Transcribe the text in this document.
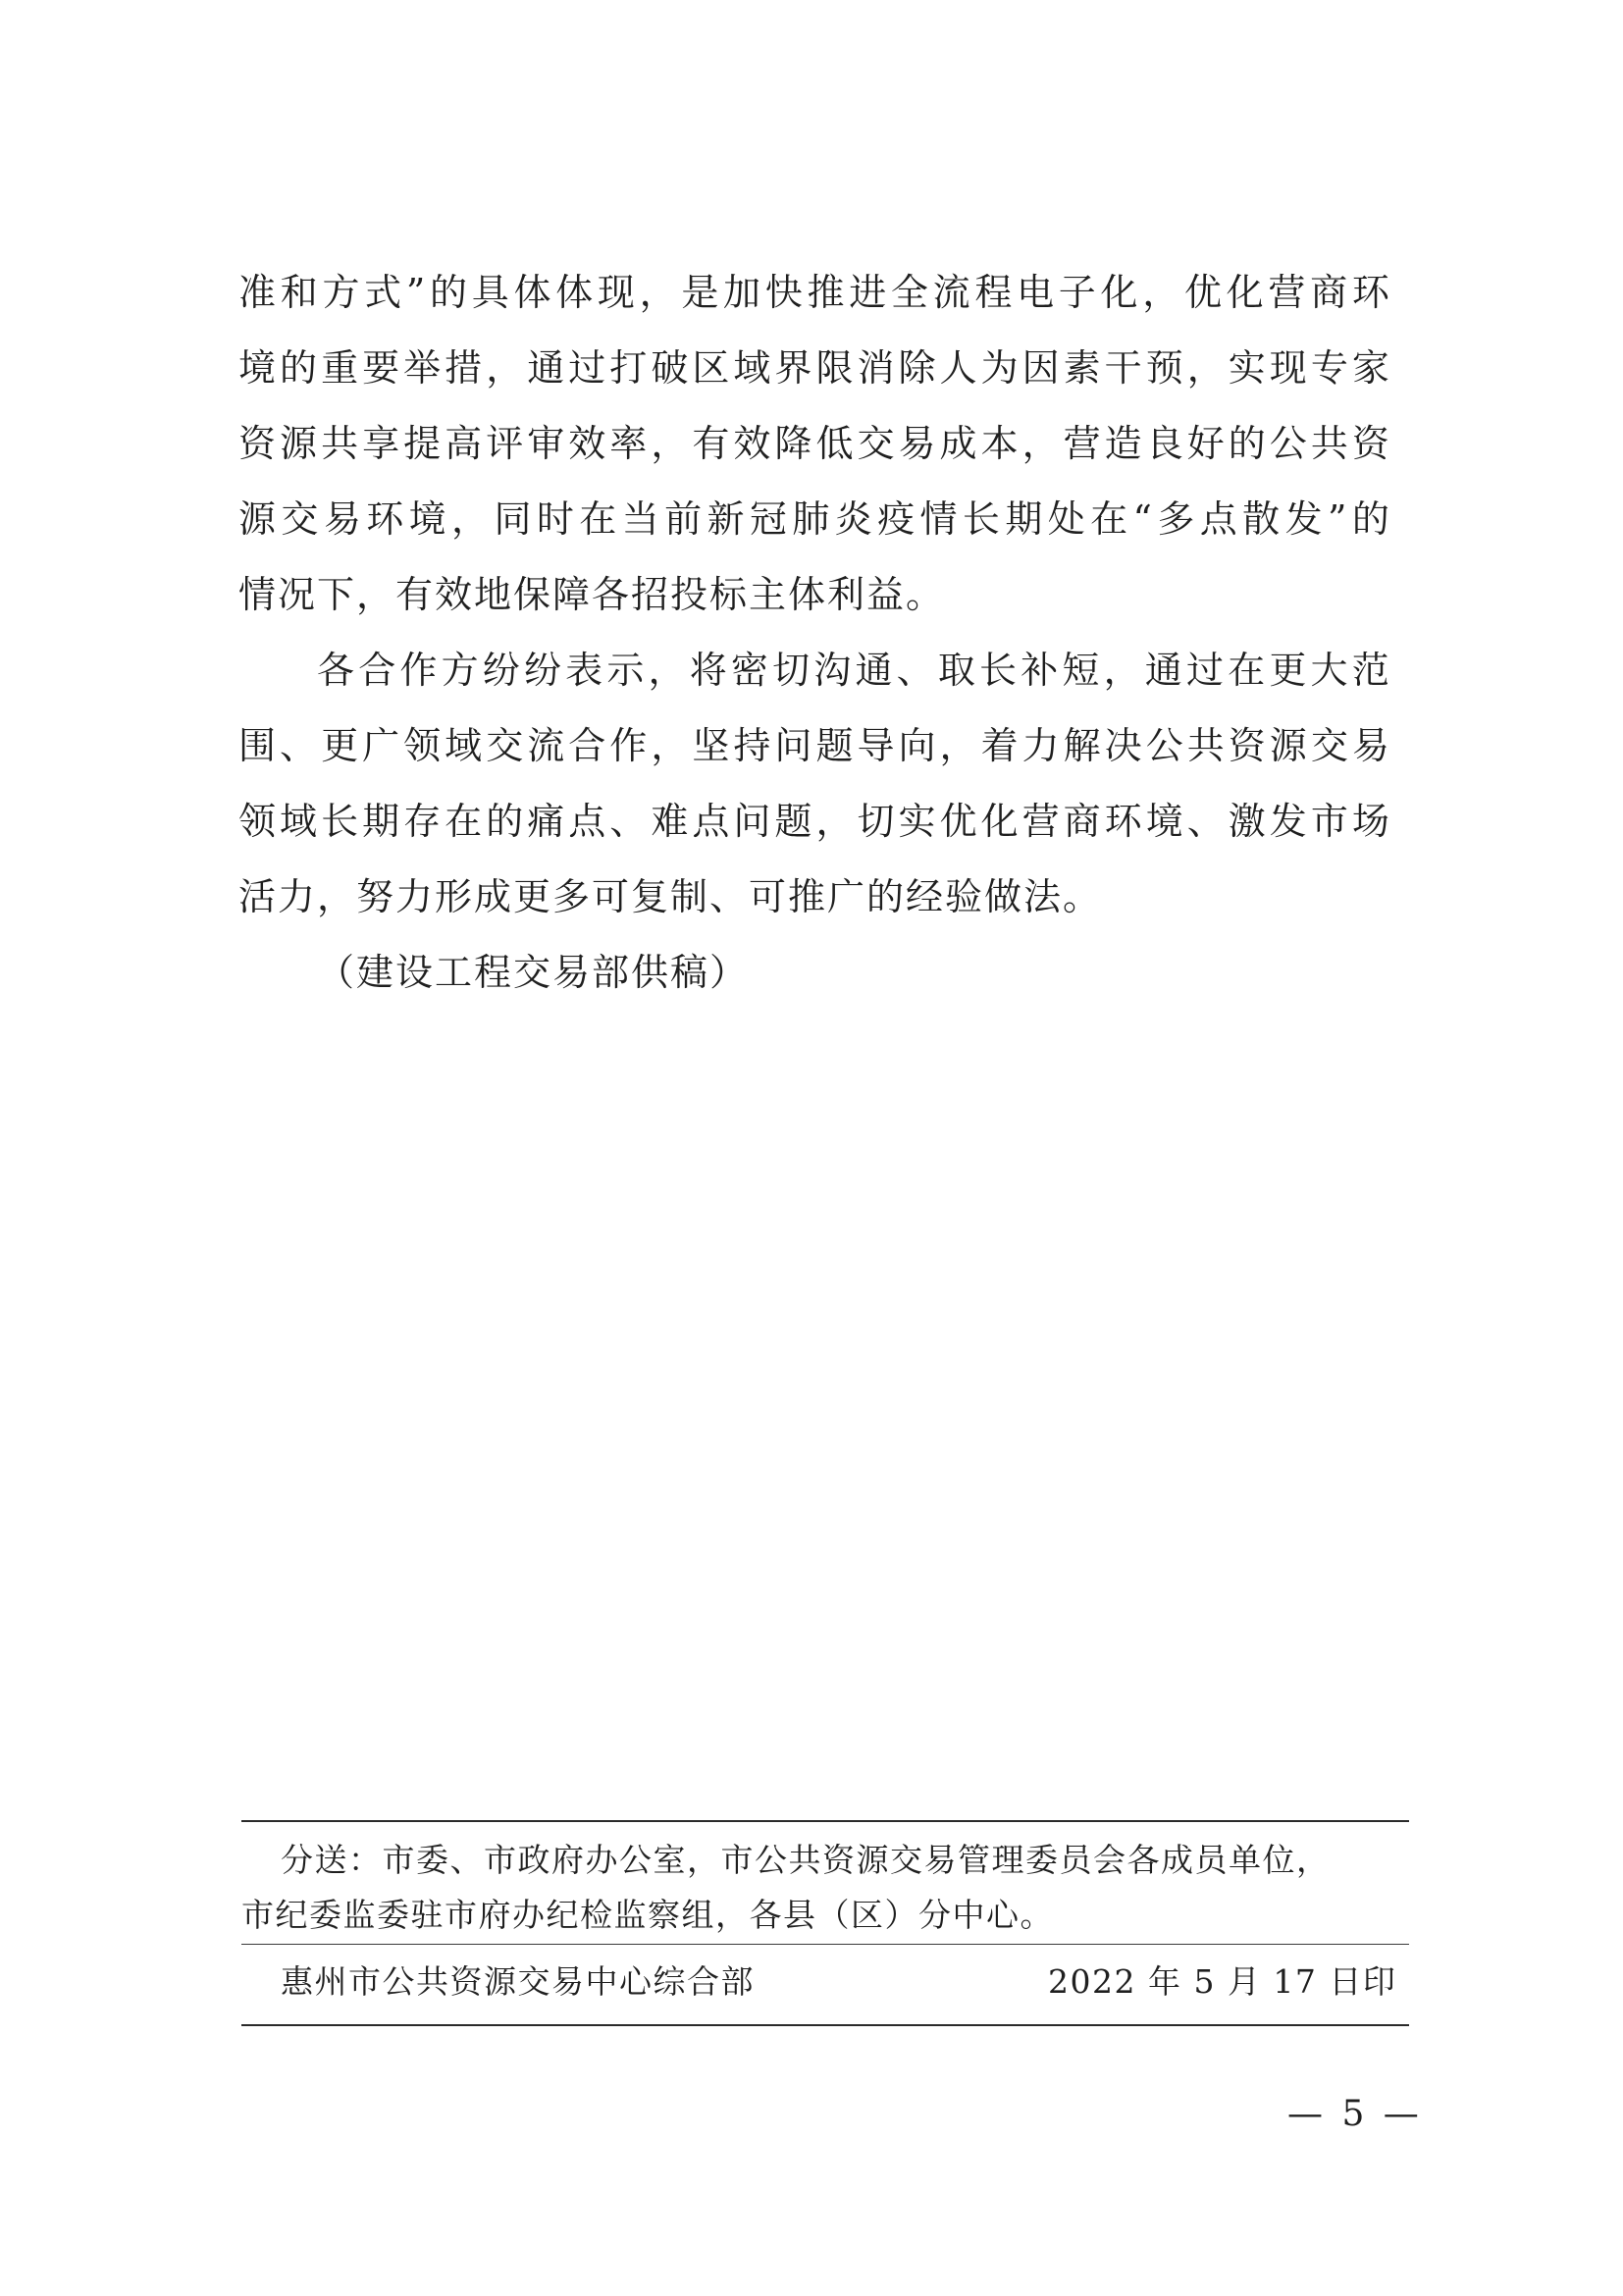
准 和 方 式 ” 的 具 体 体 现 ， 是 加 快 推 进 全 流 程 电 子 化 ， 优 化 营 商 环
境 的 重 要 举 措 ， 通 过 打 破 区 域 界 限 消 除 人 为 因 素 干 预 ， 实 现 专 家
资 源 共 享 提 高 评 审 效 率 ， 有 效 降 低 交 易 成 本 ， 营 造 良 好 的 公 共 资
源 交 易 环 境 ， 同 时 在 当 前 新 冠 肺 炎 疫 情 长 期 处 在 “ 多 点 散 发 ” 的
情况下，有效地保障各招投标主体利益。
各 合 作 方 纷 纷 表 示 ， 将 密 切 沟 通 、 取 长 补 短 ， 通 过 在 更 大 范
围 、 更 广 领 域 交 流 合 作 ， 坚 持 问 题 导 向 ， 着 力 解 决 公 共 资 源 交 易
领 域 长 期 存 在 的 痛 点 、 难 点 问 题 ， 切 实 优 化 营 商 环 境 、 激 发 市 场
活力，努力形成更多可复制、可推广的经验做法。
（建设工程交易部供稿）
分送：市委、市政府办公室，市公共资源交易管理委员会各成员单位，
市纪委监委驻市府办纪检监察组，各县（区）分中心。
惠州市公共资源交易中心综合部	2022 年 5 月 17 日印
— 5 —
